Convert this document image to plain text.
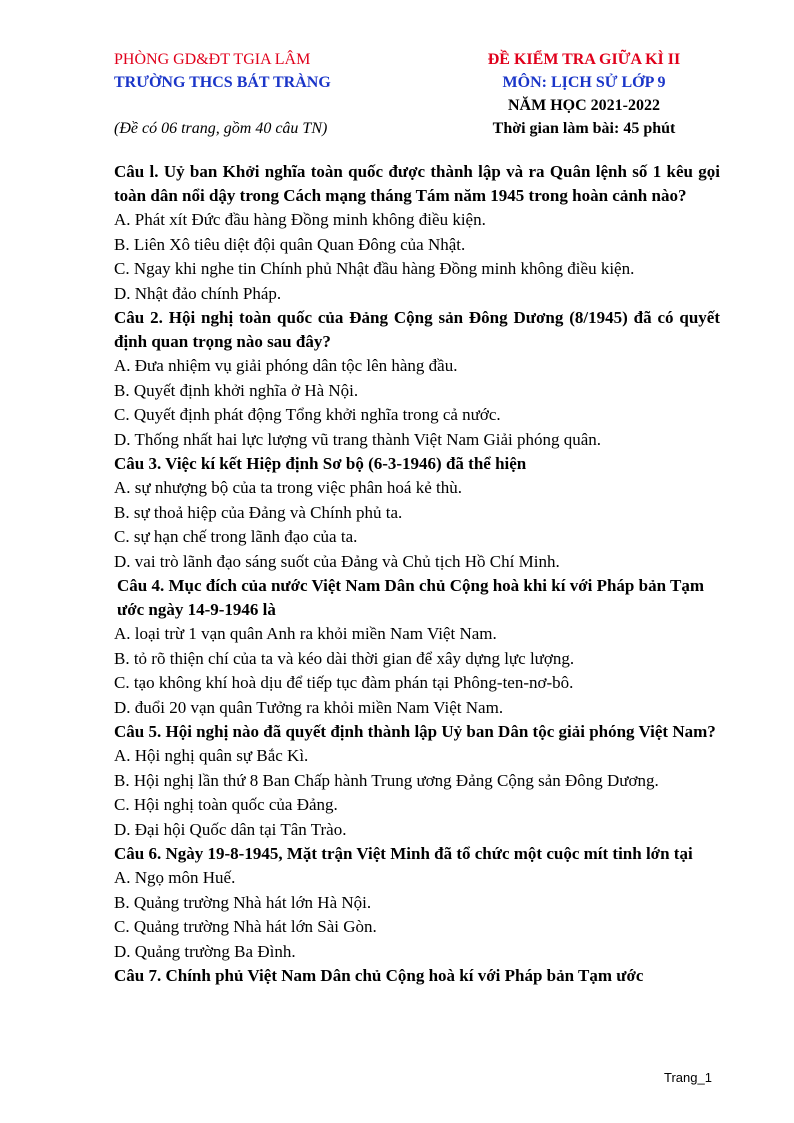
PHÒNG GD&ĐT TGIA LÂM
TRƯỜNG THCS BÁT TRÀNG
(Đề có 06 trang, gồm 40 câu TN)
ĐỀ KIỂM TRA GIỮA KÌ II
MÔN: LỊCH SỬ LỚP 9
NĂM HỌC 2021-2022
Thời gian làm bài: 45 phút
Câu l. Uỷ ban Khởi nghĩa toàn quốc được thành lập và ra Quân lệnh số 1 kêu gọi toàn dân nổi dậy trong Cách mạng tháng Tám năm 1945 trong hoàn cảnh nào?
A. Phát xít Đức đầu hàng Đồng minh không điều kiện.
B. Liên Xô tiêu diệt đội quân Quan Đông của Nhật.
C. Ngay khi nghe tin Chính phủ Nhật đầu hàng Đồng minh không điều kiện.
D. Nhật đảo chính Pháp.
Câu 2. Hội nghị toàn quốc của Đảng Cộng sản Đông Dương (8/1945) đã có quyết định quan trọng nào sau đây?
A. Đưa nhiệm vụ giải phóng dân tộc lên hàng đầu.
B. Quyết định khởi nghĩa ở Hà Nội.
C. Quyết định phát động Tổng khởi nghĩa trong cả nước.
D. Thống nhất hai lực lượng vũ trang thành Việt Nam Giải phóng quân.
Câu 3. Việc kí kết Hiệp định Sơ bộ (6-3-1946) đã thể hiện
A. sự nhượng bộ của ta trong việc phân hoá kẻ thù.
B. sự thoả hiệp của Đảng và Chính phủ ta.
C. sự hạn chế trong lãnh đạo của ta.
D. vai trò lãnh đạo sáng suốt của Đảng và Chủ tịch Hồ Chí Minh.
Câu 4. Mục đích của nước Việt Nam Dân chủ Cộng hoà khi kí với Pháp bản Tạm ước ngày 14-9-1946 là
A. loại trừ 1 vạn quân Anh ra khỏi miền Nam Việt Nam.
B. tỏ rõ thiện chí của ta và kéo dài thời gian để xây dựng lực lượng.
C. tạo không khí hoà dịu để tiếp tục đàm phán tại Phông-ten-nơ-bô.
D. đuổi 20 vạn quân Tưởng ra khỏi miền Nam Việt Nam.
Câu 5. Hội nghị nào đã quyết định thành lập Uỷ ban Dân tộc giải phóng Việt Nam?
A. Hội nghị quân sự Bắc Kì.
B. Hội nghị lần thứ 8 Ban Chấp hành Trung ương Đảng Cộng sản Đông Dương.
C. Hội nghị toàn quốc của Đảng.
D. Đại hội Quốc dân tại Tân Trào.
Câu 6. Ngày 19-8-1945, Mặt trận Việt Minh đã tổ chức một cuộc mít tinh lớn tại
A. Ngọ môn Huế.
B. Quảng trường Nhà hát lớn Hà Nội.
C. Quảng trường Nhà hát lớn Sài Gòn.
D. Quảng trường Ba Đình.
Câu 7. Chính phủ Việt Nam Dân chủ Cộng hoà kí với Pháp bản Tạm ước
Trang_1
